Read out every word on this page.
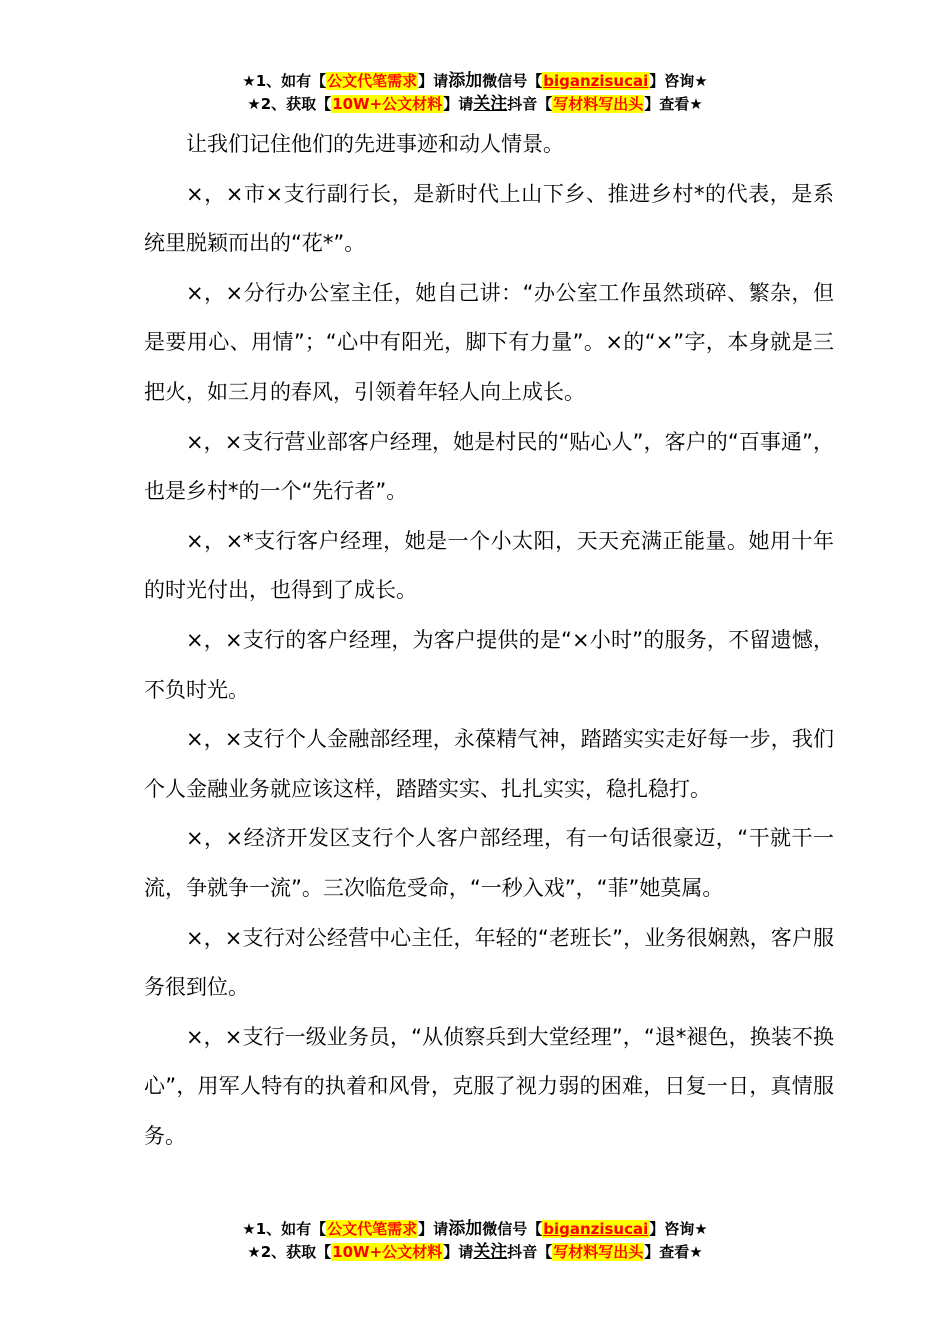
★1、如有【公文代笔需求】请添加微信号【biganzisucai】咨询★
★2、获取【10W+公文材料】请关注抖音【写材料写出头】查看★

让我们记住他们的先进事迹和动人情景。

×，×市×支行副行长，是新时代上山下乡、推进乡村*的代表，是系统里脱颖而出的“花*”。

×，×分行办公室主任，她自己讲：“办公室工作虽然琐碎、繁杂，但是要用心、用情”；“心中有阳光，脚下有力量”。×的“×”字，本身就是三把火，如三月的春风，引领着年轻人向上成长。

×，×支行营业部客户经理，她是村民的“贴心人”，客户的“百事通”，也是乡村*的一个“先行者”。

×，×*支行客户经理，她是一个小太阳，天天充满正能量。她用十年的时光付出，也得到了成长。

×，×支行的客户经理，为客户提供的是“×小时”的服务，不留遗憾，不负时光。

×，×支行个人金融部经理，永葆精气神，踏踏实实走好每一步，我们个人金融业务就应该这样，踏踏实实、扎扎实实，稳扎稳打。

×，×经济开发区支行个人客户部经理，有一句话很豪迈，“干就干一流，争就争一流”。三次临危受命，“一秒入戏”，“菲”她莫属。

×，×支行对公经营中心主任，年轻的“老班长”，业务很娴熟，客户服务很到位。

×，×支行一级业务员，“从侦察兵到大堂经理”，“退*褪色，换装不换心”，用军人特有的执着和风骨，克服了视力弱的困难，日复一日，真情服务。

★1、如有【公文代笔需求】请添加微信号【biganzisucai】咨询★
★2、获取【10W+公文材料】请关注抖音【写材料写出头】查看★
